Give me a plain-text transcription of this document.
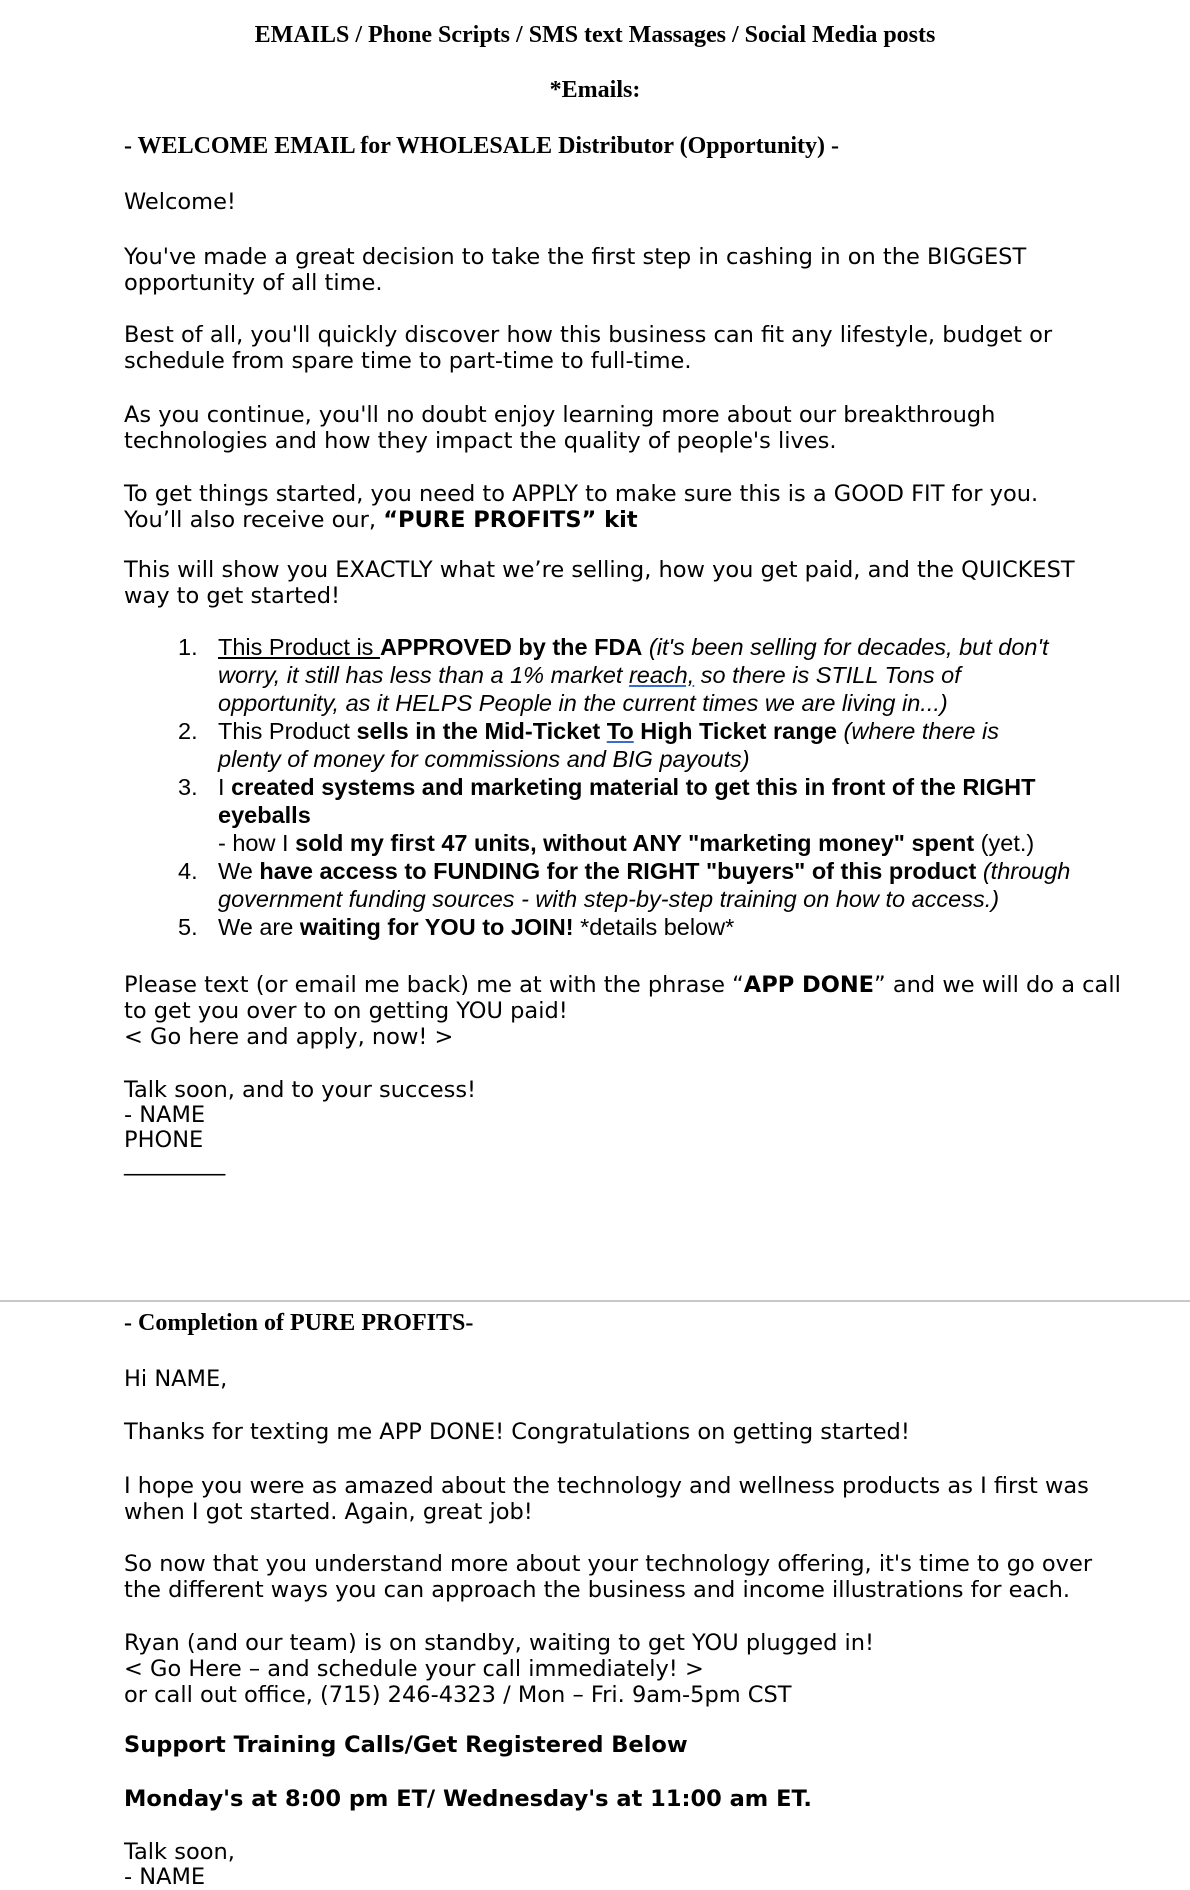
EMAILS / Phone Scripts / SMS text Massages / Social Media posts

*Emails:

- WELCOME EMAIL for WHOLESALE Distributor (Opportunity) -

Welcome!

You've made a great decision to take the first step in cashing in on the BIGGEST

opportunity of all time.

Best of all, you'll quickly discover how this business can fit any lifestyle, budget or

schedule from spare time to part-time to full-time.

As you continue, you'll no doubt enjoy learning more about our breakthrough

technologies and how they impact the quality of people's lives.

To get things started, you need to APPLY to make sure this is a GOOD FIT for you.

You’ll also receive our, “PURE PROFITS” kit

This will show you EXACTLY what we’re selling, how you get paid, and the QUICKEST

way to get started!

1. This Product is APPROVED by the FDA (it's been selling for decades, but don't
worry, it still has less than a 1% market reach, so there is STILL Tons of
opportunity, as it HELPS People in the current times we are living in...)
2. This Product sells in the Mid-Ticket To High Ticket range (where there is
plenty of money for commissions and BIG payouts)
3. I created systems and marketing material to get this in front of the RIGHT
eyeballs
- how I sold my first 47 units, without ANY "marketing money" spent (yet.)
4. We have access to FUNDING for the RIGHT "buyers" of this product (through
government funding sources - with step-by-step training on how to access.)
5. We are waiting for YOU to JOIN! *details below*

Please text (or email me back) me at with the phrase “APP DONE” and we will do a call

to get you over to on getting YOU paid!

< Go here and apply, now! >

Talk soon, and to your success!

- NAME

PHONE

_________

- Completion of PURE PROFITS-

Hi NAME,

Thanks for texting me APP DONE! Congratulations on getting started!

I hope you were as amazed about the technology and wellness products as I first was

when I got started. Again, great job!

So now that you understand more about your technology offering, it's time to go over

the different ways you can approach the business and income illustrations for each.

Ryan (and our team) is on standby, waiting to get YOU plugged in!

< Go Here – and schedule your call immediately! >

or call out office, (715) 246-4323 / Mon – Fri. 9am-5pm CST

Support Training Calls/Get Registered Below

Monday's at 8:00 pm ET/ Wednesday's at 11:00 am ET.

Talk soon,

- NAME
